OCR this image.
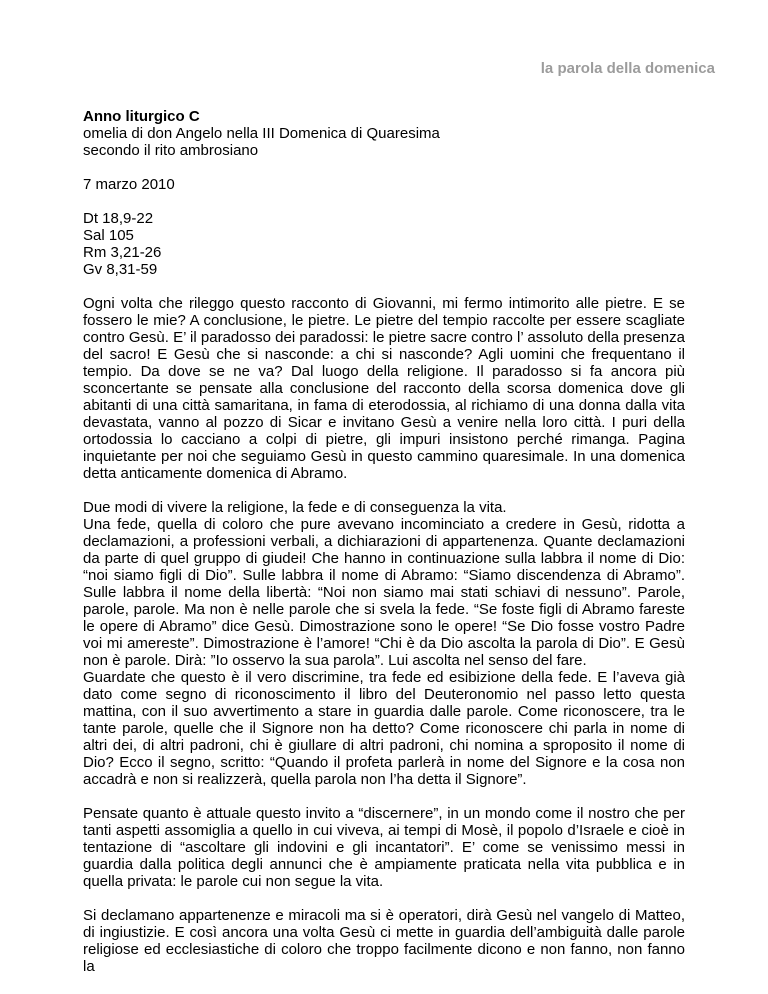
la parola della domenica

Anno liturgico C

omelia di don Angelo nella III Domenica di Quaresima

secondo il rito ambrosiano

7 marzo 2010

Dt 18,9-22

Sal 105

Rm 3,21-26

Gv 8,31-59

Ogni volta che rileggo questo racconto di Giovanni, mi fermo intimorito alle pietre. E se fossero le mie? A conclusione, le pietre. Le pietre del tempio raccolte per essere scagliate contro Gesù. E’ il paradosso dei paradossi: le pietre sacre contro l’ assoluto della presenza del sacro! E Gesù che si nasconde: a chi si nasconde? Agli uomini che frequentano il tempio. Da dove se ne va? Dal luogo della religione. Il paradosso si fa ancora più sconcertante se pensate alla conclusione del racconto della scorsa domenica dove gli abitanti di una città samaritana, in fama di eterodossia, al richiamo di una donna dalla vita devastata, vanno al pozzo di Sicar e invitano Gesù a venire nella loro città. I puri della ortodossia lo cacciano a colpi di pietre, gli impuri insistono perché rimanga. Pagina inquietante per noi che seguiamo Gesù in questo cammino quaresimale. In una domenica detta anticamente domenica di Abramo.

Due modi di vivere la religione, la fede e di conseguenza la vita.

Una fede, quella di coloro che pure avevano incominciato a credere in Gesù, ridotta a declamazioni, a professioni verbali, a dichiarazioni di appartenenza. Quante declamazioni da parte di quel gruppo di giudei! Che hanno in continuazione sulla labbra il nome di Dio: “noi siamo figli di Dio”. Sulle labbra il nome di Abramo: “Siamo discendenza di Abramo”. Sulle labbra il nome della libertà: “Noi non siamo mai stati schiavi di nessuno”. Parole, parole, parole. Ma non è nelle parole che si svela la fede. “Se foste figli di Abramo fareste le opere di Abramo” dice Gesù. Dimostrazione sono le opere! “Se Dio fosse vostro Padre voi mi amereste”. Dimostrazione è l’amore! “Chi è da Dio ascolta la parola di Dio”. E Gesù non è parole. Dirà: ”Io osservo la sua parola”. Lui ascolta nel senso del fare.

Guardate che questo è il vero discrimine, tra fede ed esibizione della fede. E l’aveva già dato come segno di riconoscimento il libro del Deuteronomio nel passo letto questa mattina, con il suo avvertimento a stare in guardia dalle parole. Come riconoscere, tra le tante parole, quelle che il Signore non ha detto? Come riconoscere chi parla in nome di altri dei, di altri padroni, chi è giullare di altri padroni, chi nomina a sproposito il nome di Dio? Ecco il segno, scritto: “Quando il profeta parlerà in nome del Signore e la cosa non accadrà e non si realizzerà, quella parola non l’ha detta il Signore”.

Pensate quanto è attuale questo invito a “discernere”, in un mondo come il nostro che per tanti aspetti assomiglia a quello in cui viveva, ai tempi di Mosè, il popolo d’Israele e cioè in tentazione di “ascoltare gli indovini e gli incantatori”. E’ come se venissimo messi in guardia dalla politica degli annunci che è ampiamente praticata nella vita pubblica e in quella privata: le parole cui non segue la vita.

Si declamano appartenenze e miracoli ma si è operatori, dirà Gesù nel vangelo di Matteo, di ingiustizie. E così ancora una volta Gesù ci mette in guardia dell’ambiguità dalle parole religiose ed ecclesiastiche di coloro che troppo facilmente dicono e non fanno, non fanno la
